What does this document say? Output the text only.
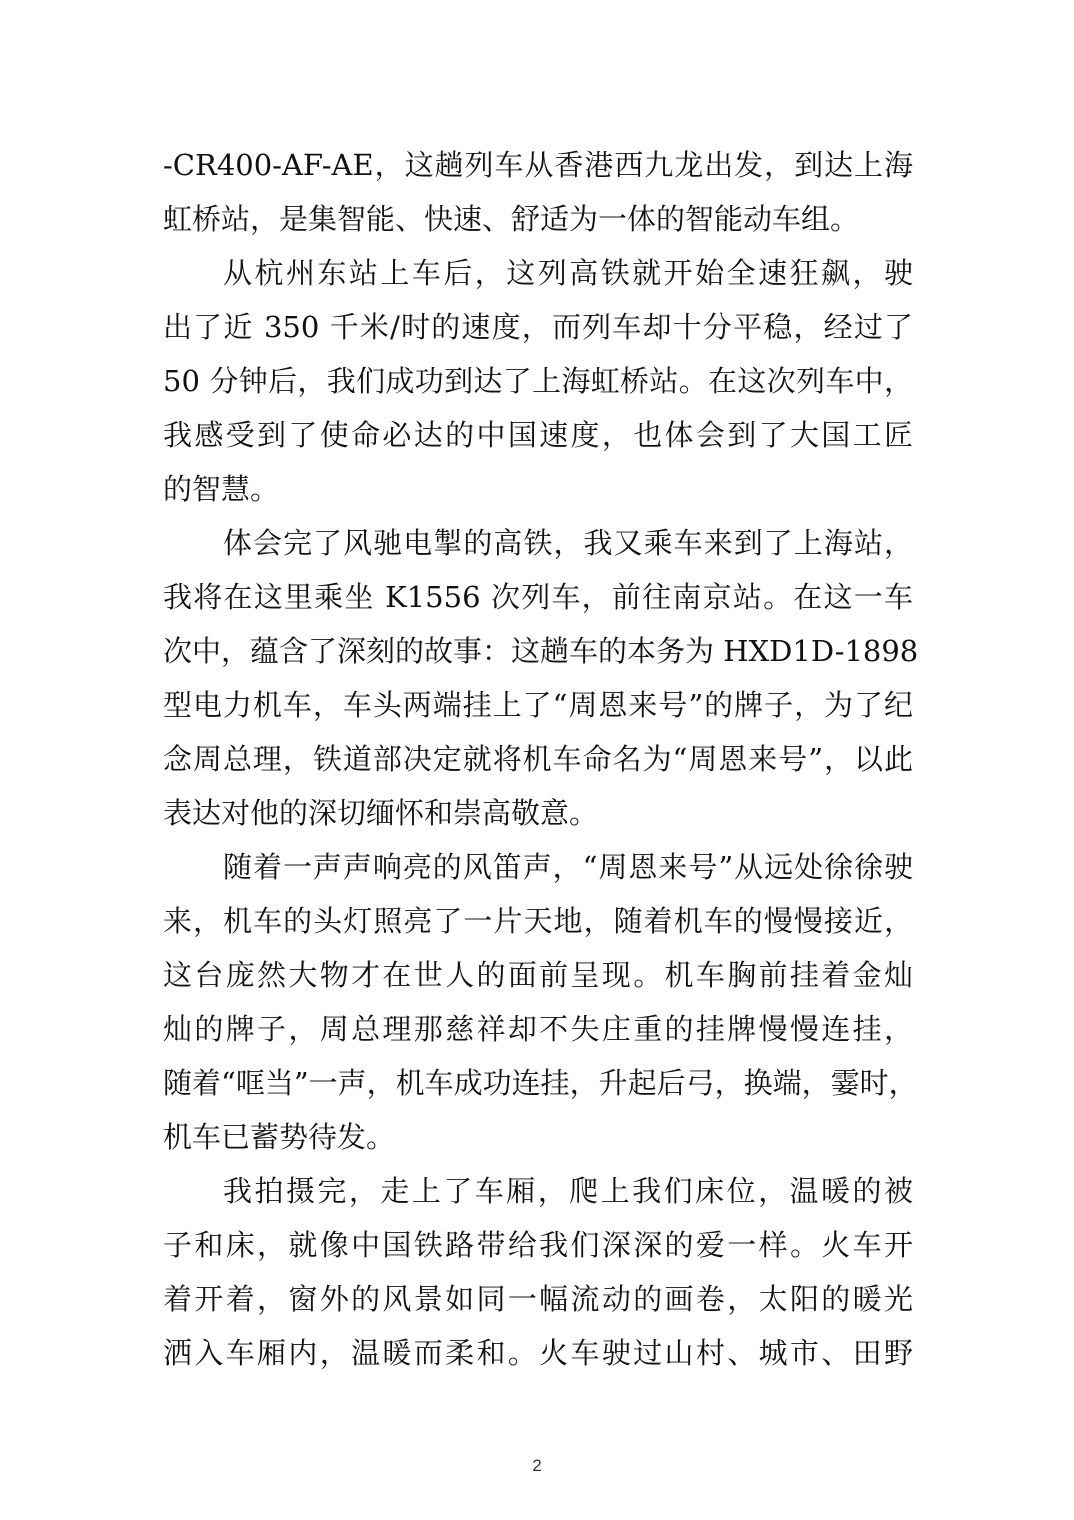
-CR400-AF-AE，这趟列车从香港西九龙出发，到达上海
虹桥站，是集智能、快速、舒适为一体的智能动车组。
从杭州东站上车后，这列高铁就开始全速狂飙，驶
出了近 350 千米/时的速度，而列车却十分平稳，经过了
50 分钟后，我们成功到达了上海虹桥站。在这次列车中，
我感受到了使命必达的中国速度，也体会到了大国工匠
的智慧。
体会完了风驰电掣的高铁，我又乘车来到了上海站，
我将在这里乘坐 K1556 次列车，前往南京站。在这一车
次中，蕴含了深刻的故事：这趟车的本务为 HXD1D-1898
型电力机车，车头两端挂上了“周恩来号”的牌子，为了纪
念周总理，铁道部决定就将机车命名为“周恩来号”，以此
表达对他的深切缅怀和崇高敬意。
随着一声声响亮的风笛声，“周恩来号”从远处徐徐驶
来，机车的头灯照亮了一片天地，随着机车的慢慢接近，
这台庞然大物才在世人的面前呈现。机车胸前挂着金灿
灿的牌子，周总理那慈祥却不失庄重的挂牌慢慢连挂，
随着“哐当”一声，机车成功连挂，升起后弓，换端，霎时，
机车已蓄势待发。
我拍摄完，走上了车厢，爬上我们床位，温暖的被
子和床，就像中国铁路带给我们深深的爱一样。火车开
着开着，窗外的风景如同一幅流动的画卷，太阳的暖光
洒入车厢内，温暖而柔和。火车驶过山村、城市、田野
2
